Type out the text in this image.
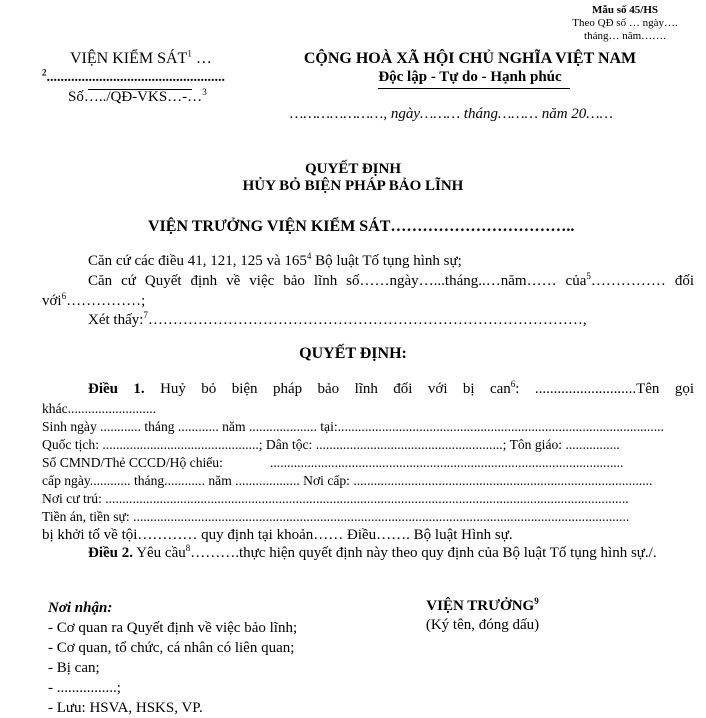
Mẫu số 45/HS
Theo QĐ số … ngày….
tháng… năm…….
VIỆN KIỂM SÁT$^1$ …
$^2$...................................................
Số…../QĐ-VKS…-…$^3$
CỘNG HOÀ XÃ HỘI CHỦ NGHĨA VIỆT NAM
Độc lập - Tự do - Hạnh phúc
…………………, ngày……… tháng……… năm 20……
QUYẾT ĐỊNH
HỦY BỎ BIỆN PHÁP BẢO LĨNH
VIỆN TRƯỞNG VIỆN KIỂM SÁT……………………………..
Căn cứ các điều 41, 121, 125 và $165^4$ Bộ luật Tố tụng hình sự;
Căn cứ Quyết định về việc bảo lĩnh số……ngày…...tháng..…năm…… của$^5$…………… đối
với$^6$……………;
Xét thấy:$^7$……………………………………………………………………………,
QUYẾT ĐỊNH:
Điều 1. Huỷ bỏ biện pháp bảo lĩnh đối với bị can$^6$: ...........................Tên gọi
khác..........................
Sinh ngày ............ tháng ............ năm .................... tại:................................................................................................
Quốc tịch: ..............................................; Dân tộc: .......................................................; Tôn giáo: ................
Số CMND/Thẻ CCCD/Hộ chiếu:	........................................................................................................
cấp ngày............ tháng............ năm ................... Nơi cấp: ........................................................................................
Nơi cư trú: ..........................................................................................................................................................
Tiền án, tiền sự: ..................................................................................................................................................
bị khởi tố về tội………… quy định tại khoản…… Điều……. Bộ luật Hình sự.
Điều 2. Yêu cầu$^8$……….thực hiện quyết định này theo quy định của Bộ luật Tố tụng hình sự./.
Nơi nhận:
- Cơ quan ra Quyết định về việc bảo lĩnh;
- Cơ quan, tổ chức, cá nhân có liên quan;
- Bị can;
- ................;
- Lưu: HSVA, HSKS, VP.
VIỆN TRƯỞNG$^9$
(Ký tên, đóng dấu)
